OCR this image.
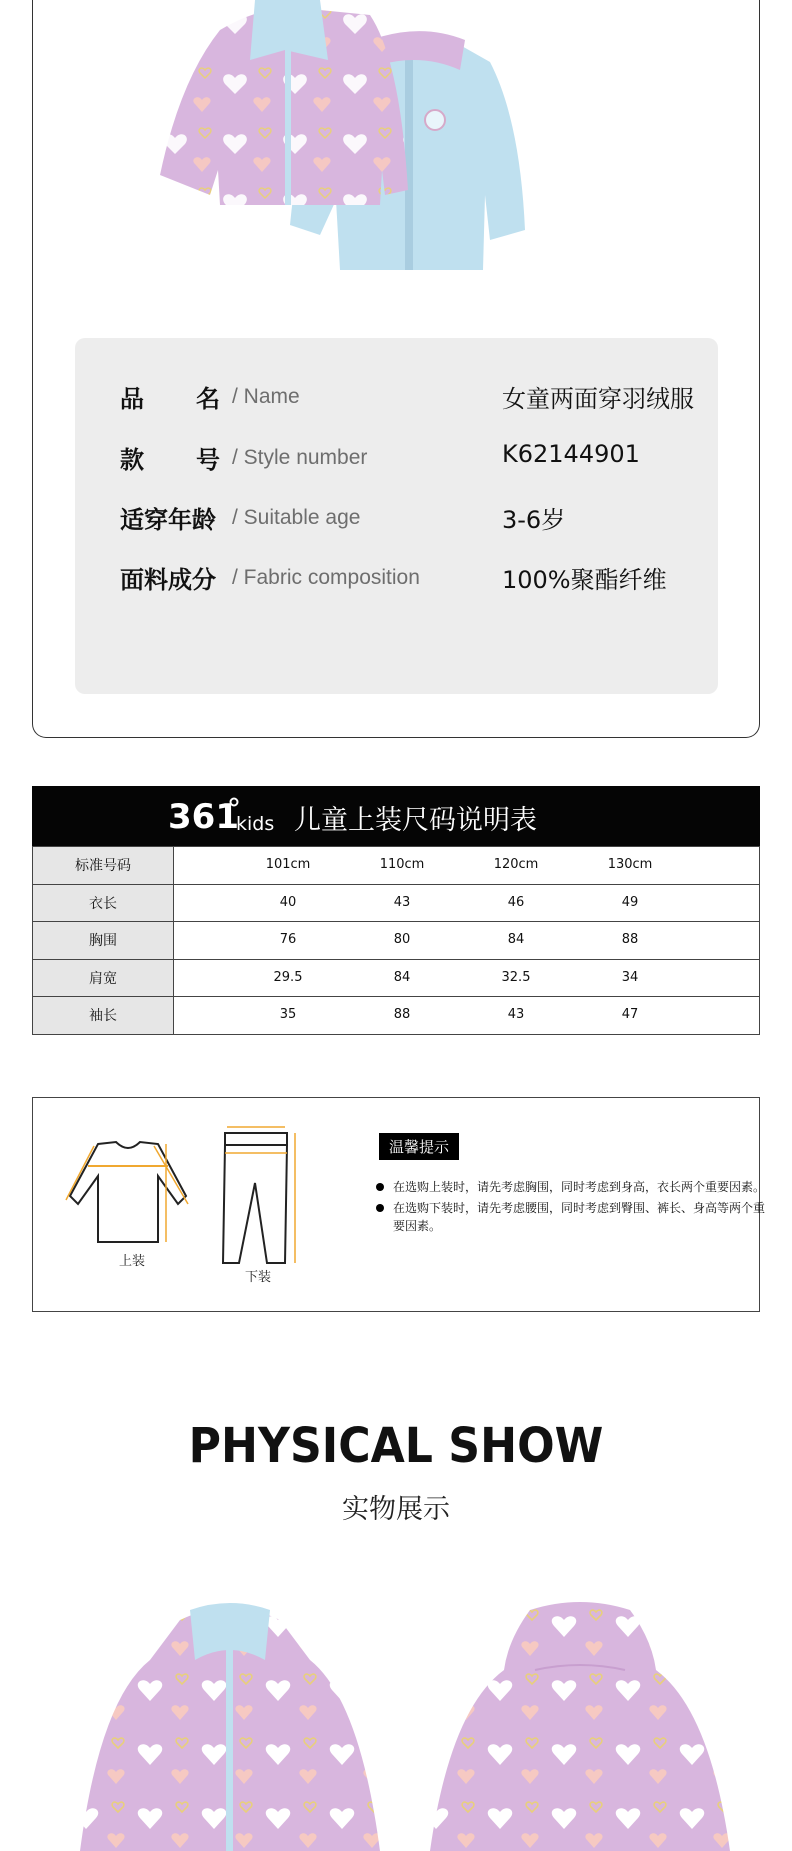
品　名 / Name	女童两面穿羽绒服
款　号 / Style number	K62144901
适穿年龄 / Suitable age	3-6岁
面料成分 / Fabric composition	100%聚酯纤维
361
kids 儿童上装尺码说明表
标准号码	101cm 110cm 120cm 130cm

衣长	40 43 46 49

胸围	76 80 84 88

肩宽	29.5 84 32.5 34

袖长	35 88 43 47
上装
下装
温馨提示
在选购上装时，请先考虑胸围，同时考虑到身高，衣长两个重要因素。
在选购下装时，请先考虑腰围，同时考虑到臀围、裤长、身高等两个重要因素。
PHYSICAL SHOW
实物展示
